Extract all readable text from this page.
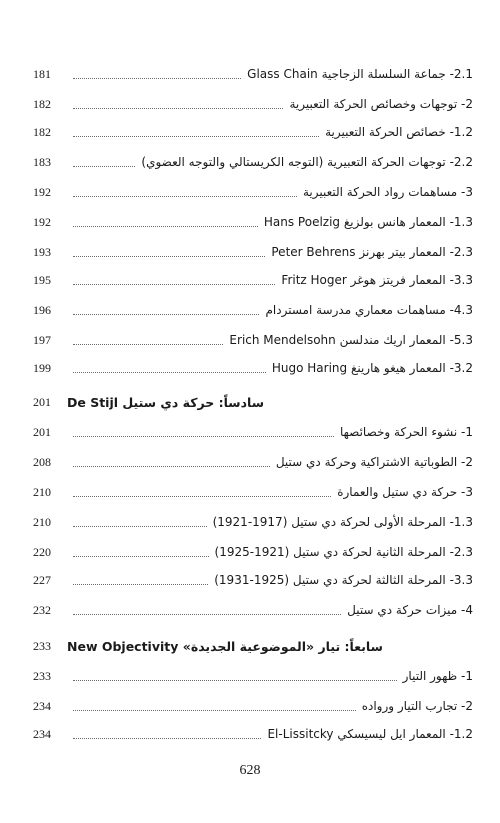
181	2.1- جماعة السلسلة الزجاجية Glass Chain
182	2- توجهات وخصائص الحركة التعبيرية
182	1.2- خصائص الحركة التعبيرية
183	2.2- توجهات الحركة التعبيرية (التوجه الكريستالي والتوجه العضوي)
192	3- مساهمات رواد الحركة التعبيرية
192	1.3- المعمار هانس بولزيغ Hans Poelzig
193	2.3- المعمار بيتر بهرنز Peter Behrens
195	3.3- المعمار فريتز هوغر Fritz Hoger
196	4.3- مساهمات معماري مدرسة امستردام
197	5.3- المعمار اريك مندلسن Erich Mendelsohn
199	3.2- المعمار هيغو هارينغ Hugo Haring
201	سادساً: حركة دي ستيل De Stijl
201	1- نشوء الحركة وخصائصها
208	2- الطوباتية الاشتراكية وحركة دي ستيل
210	3- حركة دي ستيل والعمارة
210	1.3- المرحلة الأولى لحركة دي ستيل (1917-1921)
220	2.3- المرحلة الثانية لحركة دي ستيل (1921-1925)
227	3.3- المرحلة الثالثة لحركة دي ستيل (1925-1931)
232	4- ميزات حركة دي ستيل
233	سابعاً: تيار «الموضوعية الجديدة» New Objectivity
233	1- ظهور التيار
234	2- تجارب التيار ورواده
234	1.2- المعمار ايل ليسيسكي El-Lissitcky
628
